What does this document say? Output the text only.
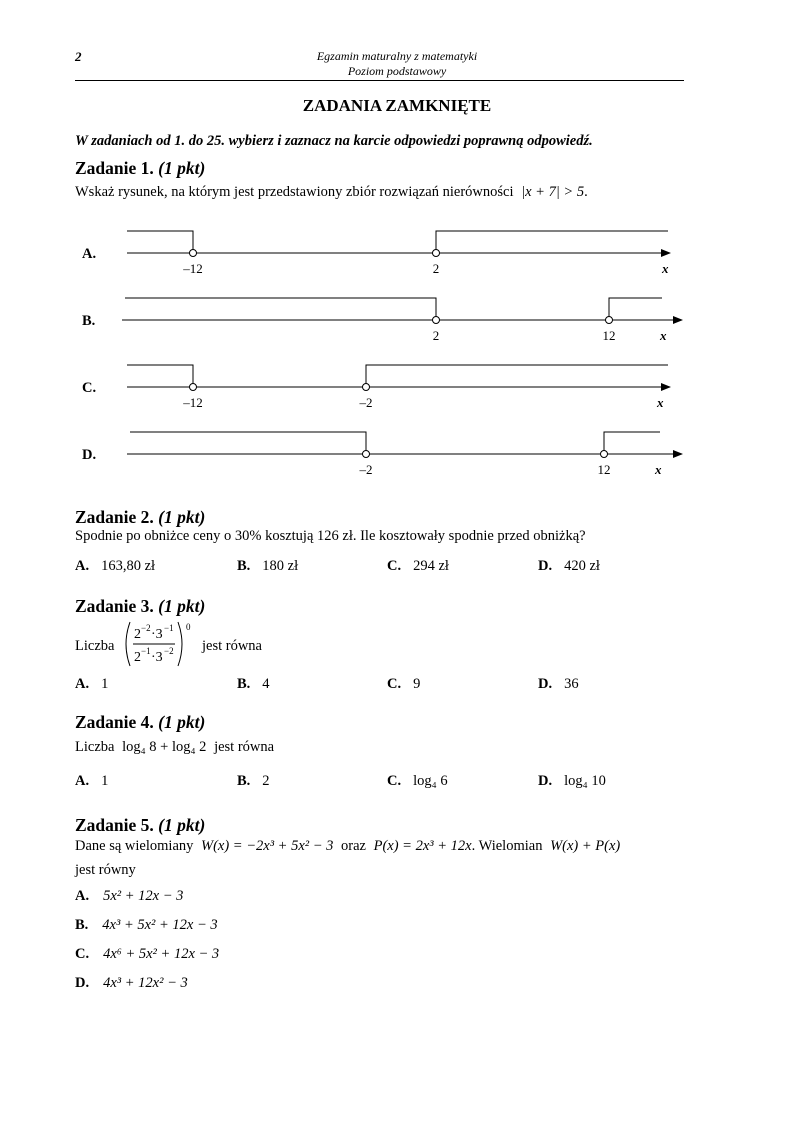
2	Egzamin maturalny z matematyki
Poziom podstawowy
ZADANIA ZAMKNIĘTE
W zadaniach od 1. do 25. wybierz i zaznacz na karcie odpowiedzi poprawną odpowiedź.
Zadanie 1. (1 pkt)
Wskaż rysunek, na którym jest przedstawiony zbiór rozwiązań nierówności |x + 7| > 5.
A.
–12	2	x
B.
2	12	x
C.
–12	–2	x
D.
–2	12	x
Zadanie 2. (1 pkt)
Spodnie po obniżce ceny o 30% kosztują 126 zł. Ile kosztowały spodnie przed obniżką?
A. 163,80 zł	B. 180 zł	C. 294 zł	D. 420 zł
Zadanie 3. (1 pkt)
Liczba
2 −2 ·3 −1
2 −1 ·3 −2
0
jest równa
A. 1	B. 4	C. 9	D. 36
Zadanie 4. (1 pkt)
Liczba log₄ 8 + log₄ 2 jest równa
A. 1	B. 2	C. log₄ 6	D. log₄ 10
Zadanie 5. (1 pkt)
Dane są wielomiany W(x) = −2x³ + 5x² − 3 oraz P(x) = 2x³ + 12x. Wielomian W(x) + P(x)
jest równy
A. 5x² + 12x − 3
B. 4x³ + 5x² + 12x − 3
C. 4x⁶ + 5x² + 12x − 3
D. 4x³ + 12x² − 3
